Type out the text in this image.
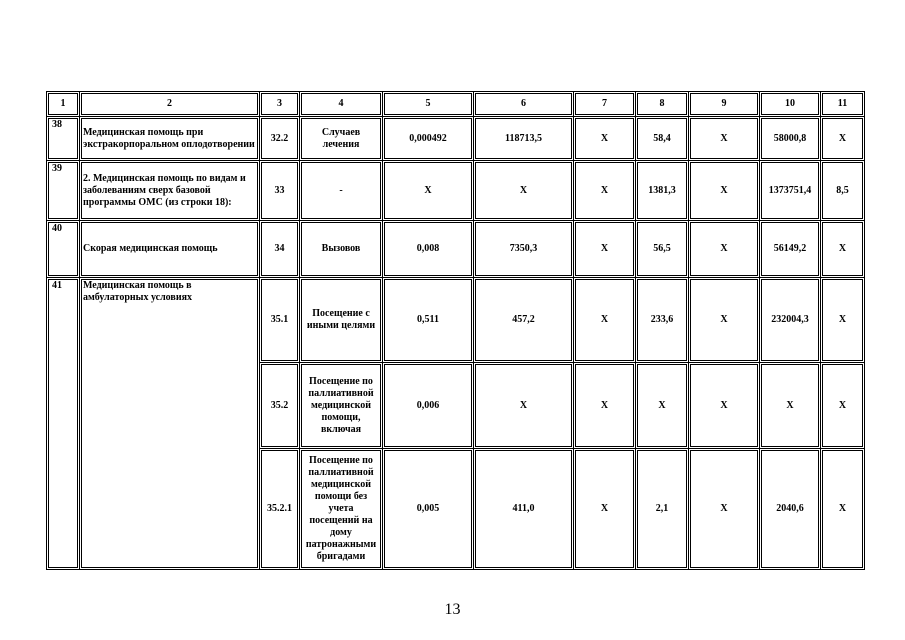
1	2	3	4	5	6	7	8	9	10	11
38	Медицинская помощь при экстракорпоральном оплодотворении	32.2	Случаев лечения	0,000492	118713,5	X	58,4	X	58000,8	X
39	2. Медицинская помощь по видам и заболеваниям сверх базовой программы ОМС (из строки 18):	33	-	X	X	X	1381,3	X	1373751,4	8,5
40	Скорая медицинская помощь	34	Вызовов	0,008	7350,3	X	56,5	X	56149,2	X
41	Медицинская помощь в амбулаторных условиях	35.1	Посещение с иными целями	0,511	457,2	X	233,6	X	232004,3	X
		35.2	Посещение по паллиативной медицинской помощи, включая	0,006	X	X	X	X	X	X
		35.2.1	Посещение по паллиативной медицинской помощи без учета посещений на дому патронажными бригадами	0,005	411,0	X	2,1	X	2040,6	X
13
